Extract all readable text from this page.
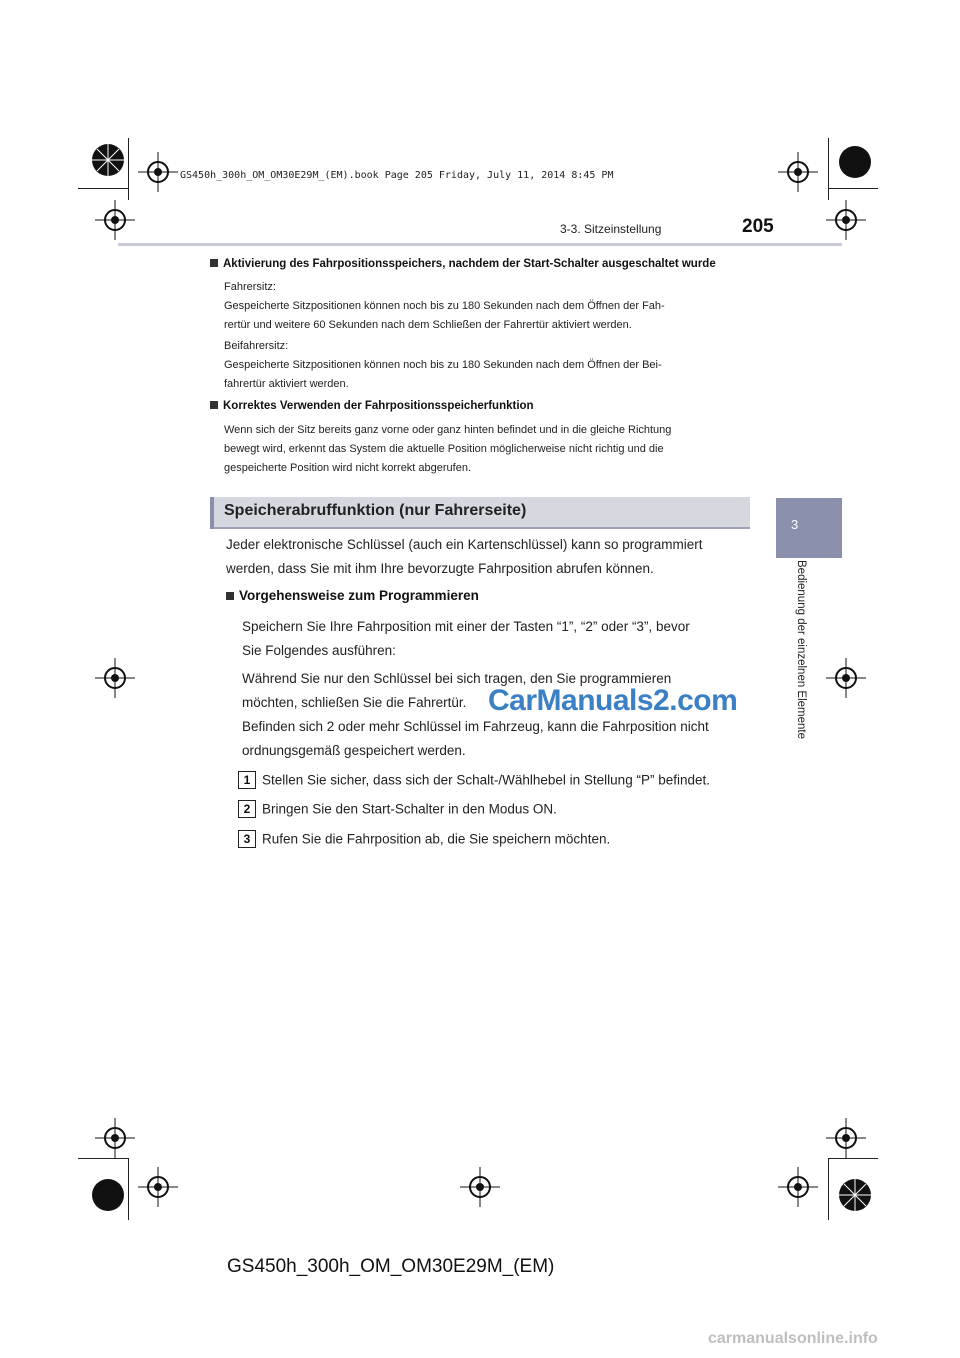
GS450h_300h_OM_OM30E29M_(EM).book Page 205 Friday, July 11, 2014 8:45 PM
3-3. Sitzeinstellung	205
3
Bedienung der einzelnen Elemente
Aktivierung des Fahrpositionsspeichers, nachdem der Start-Schalter ausgeschaltet wurde

Fahrersitz:

Gespeicherte Sitzpositionen können noch bis zu 180 Sekunden nach dem Öffnen der Fah-

rertür und weitere 60 Sekunden nach dem Schließen der Fahrertür aktiviert werden.

Beifahrersitz:

Gespeicherte Sitzpositionen können noch bis zu 180 Sekunden nach dem Öffnen der Bei-

fahrertür aktiviert werden.

Korrektes Verwenden der Fahrpositionsspeicherfunktion

Wenn sich der Sitz bereits ganz vorne oder ganz hinten befindet und in die gleiche Richtung

bewegt wird, erkennt das System die aktuelle Position möglicherweise nicht richtig und die

gespeicherte Position wird nicht korrekt abgerufen.

Speicherabruffunktion (nur Fahrerseite)

Jeder elektronische Schlüssel (auch ein Kartenschlüssel) kann so programmiert

werden, dass Sie mit ihm Ihre bevorzugte Fahrposition abrufen können.

Vorgehensweise zum Programmieren

Speichern Sie Ihre Fahrposition mit einer der Tasten “1”, “2” oder “3”, bevor

Sie Folgendes ausführen:

Während Sie nur den Schlüssel bei sich tragen, den Sie programmieren

möchten, schließen Sie die Fahrertür.

Befinden sich 2 oder mehr Schlüssel im Fahrzeug, kann die Fahrposition nicht

ordnungsgemäß gespeichert werden.

CarManuals2.com
1 Stellen Sie sicher, dass sich der Schalt-/Wählhebel in Stellung “P” befindet.
2 Bringen Sie den Start-Schalter in den Modus ON.
3 Rufen Sie die Fahrposition ab, die Sie speichern möchten.
GS450h_300h_OM_OM30E29M_(EM)
carmanualsonline.info
